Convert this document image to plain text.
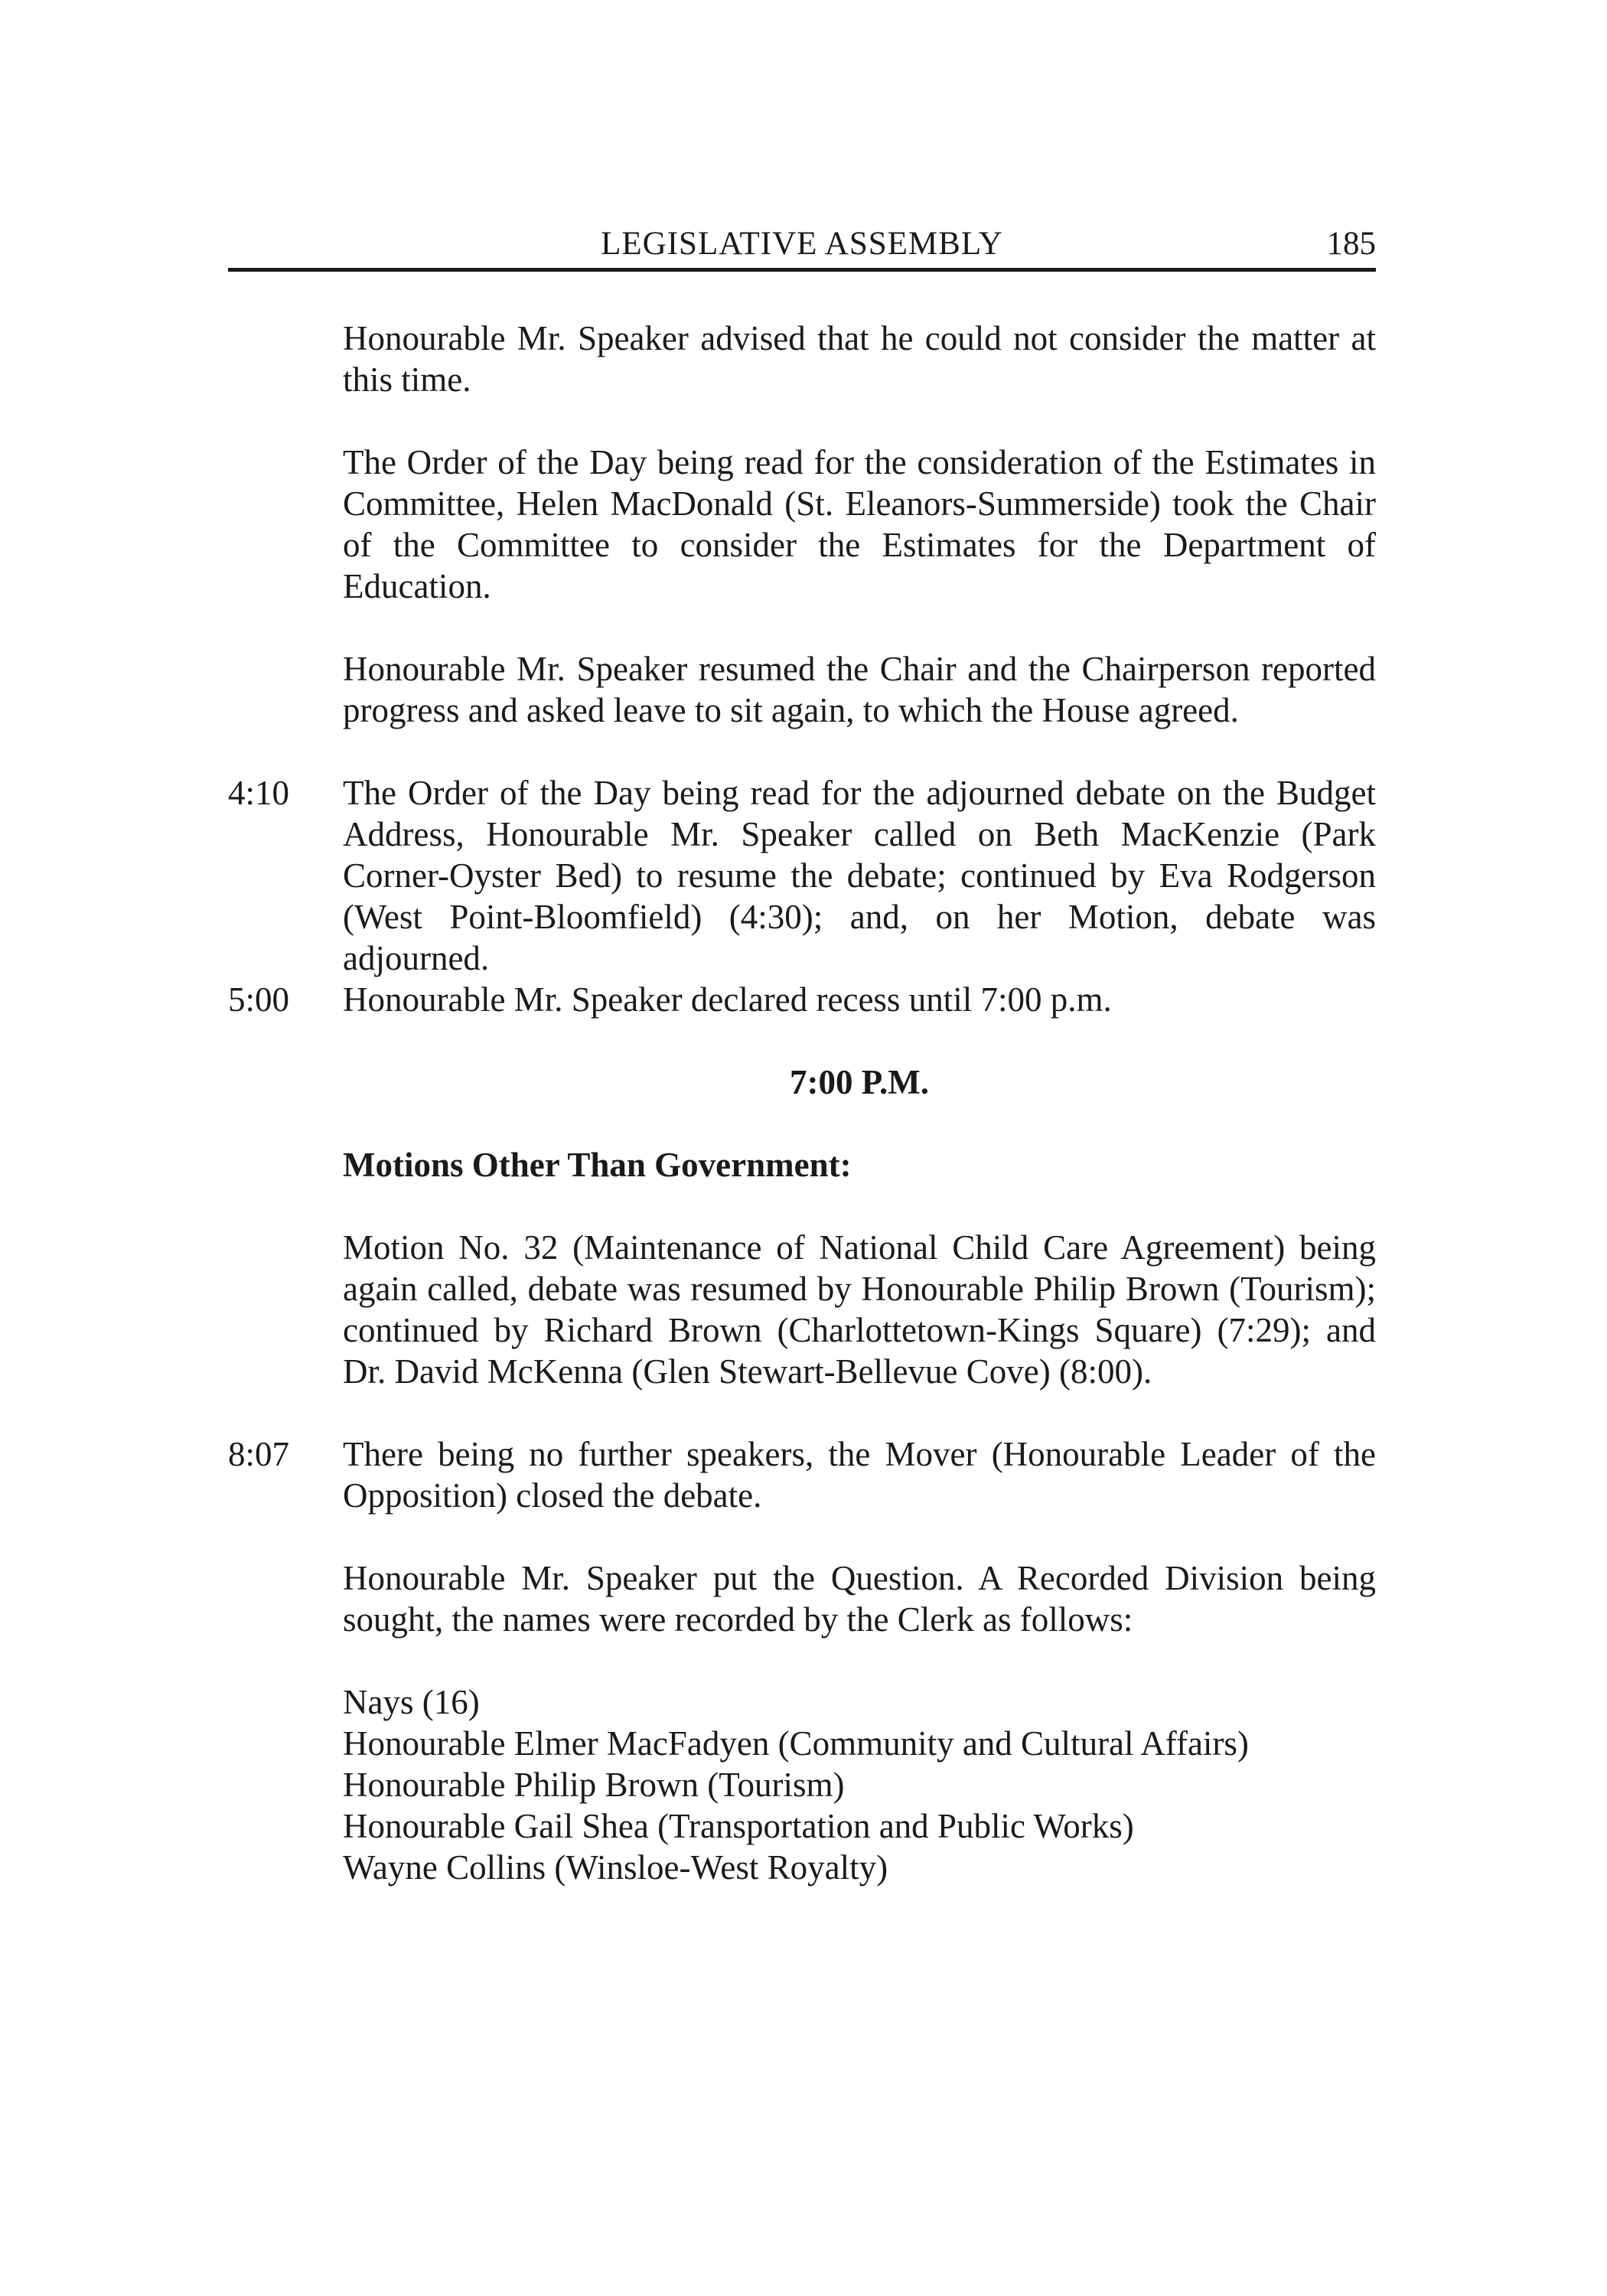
LEGISLATIVE ASSEMBLY	185

Honourable Mr. Speaker advised that he could not consider the matter at this time.

The Order of the Day being read for the consideration of the Estimates in Committee, Helen MacDonald (St. Eleanors-Summerside) took the Chair of the Committee to consider the Estimates for the Department of Education.

Honourable Mr. Speaker resumed the Chair and the Chairperson reported progress and asked leave to sit again, to which the House agreed.

4:10 The Order of the Day being read for the adjourned debate on the Budget Address, Honourable Mr. Speaker called on Beth MacKenzie (Park Corner-Oyster Bed) to resume the debate; continued by Eva Rodgerson (West Point-Bloomfield) (4:30); and, on her Motion, debate was adjourned.

5:00 Honourable Mr. Speaker declared recess until 7:00 p.m.

7:00 P.M.
Motions Other Than Government:

Motion No. 32 (Maintenance of National Child Care Agreement) being again called, debate was resumed by Honourable Philip Brown (Tourism); continued by Richard Brown (Charlottetown-Kings Square) (7:29); and Dr. David McKenna (Glen Stewart-Bellevue Cove) (8:00).

8:07 There being no further speakers, the Mover (Honourable Leader of the Opposition) closed the debate.

Honourable Mr. Speaker put the Question. A Recorded Division being sought, the names were recorded by the Clerk as follows:

Nays (16)
Honourable Elmer MacFadyen (Community and Cultural Affairs)
Honourable Philip Brown (Tourism)
Honourable Gail Shea (Transportation and Public Works)
Wayne Collins (Winsloe-West Royalty)
